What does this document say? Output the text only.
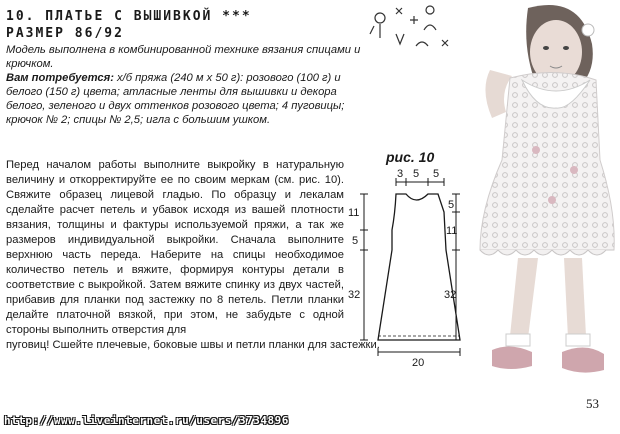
10. ПЛАТЬЕ С ВЫШИВКОЙ ***
РАЗМЕР 86/92
Модель выполнена в комбинированной технике вязания спицами и крючком.
Вам потребуется: х/б пряжа (240 м х 50 г): розового (100 г) и белого (150 г) цвета; атласные ленты для вышивки и декора белого, зеленого и двух оттенков розового цвета; 4 пуговицы; крючок № 2; спицы № 2,5; игла с большим ушком.
рис. 10
Перед началом работы выполните выкройку в натуральную величину и откорректируйте ее по своим меркам (см. рис. 10). Свяжите образец лицевой гладью. По образцу и лекалам сделайте расчет петель и убавок исходя из вашей плотности вязания, толщины и фактуры используемой пряжи, а так же размеров индивидуальной выкройки. Сначала выполните верхнюю часть переда. Наберите на спицы необходимое количество петель и вяжите, формируя контуры детали в соответствие с выкройкой. Затем вяжите спинку из двух частей, прибавив для планки под застежку по 8 петель. Петли планки делайте платочной вязкой, при этом, не забудьте с одной стороны выполнить отверстия для
пуговиц! Сшейте плечевые, боковые швы и петли планки для застежки.
3 5 5
11
5
32
5
11
32
20
53
http://www.liveinternet.ru/users/3734896
